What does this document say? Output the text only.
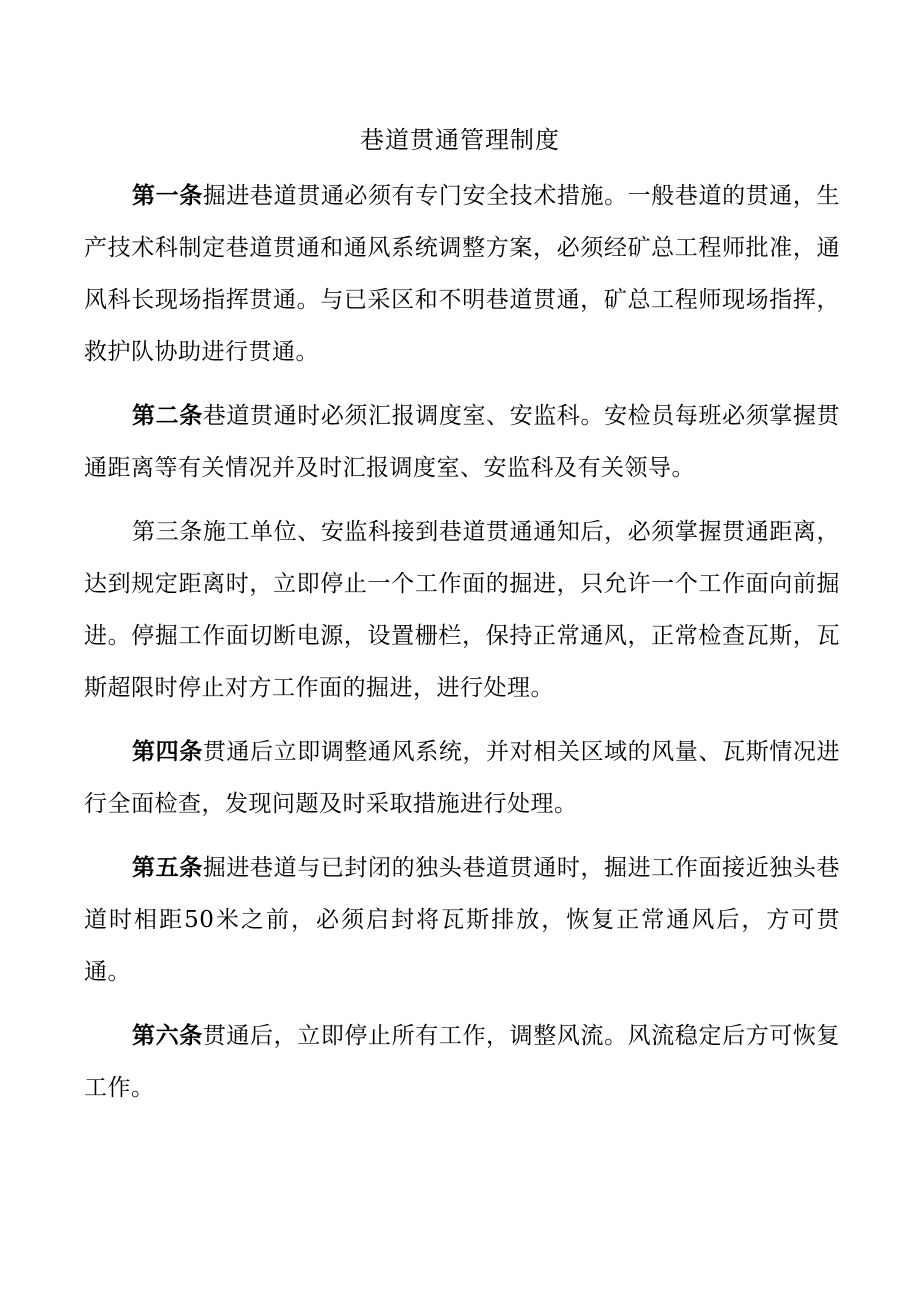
巷道贯通管理制度

第一条掘进巷道贯通必须有专门安全技术措施。一般巷道的贯通，生产技术科制定巷道贯通和通风系统调整方案，必须经矿总工程师批准，通风科长现场指挥贯通。与已采区和不明巷道贯通，矿总工程师现场指挥，救护队协助进行贯通。

第二条巷道贯通时必须汇报调度室、安监科。安检员每班必须掌握贯通距离等有关情况并及时汇报调度室、安监科及有关领导。

第三条施工单位、安监科接到巷道贯通通知后，必须掌握贯通距离，达到规定距离时，立即停止一个工作面的掘进，只允许一个工作面向前掘进。停掘工作面切断电源，设置栅栏，保持正常通风，正常检查瓦斯，瓦斯超限时停止对方工作面的掘进，进行处理。

第四条贯通后立即调整通风系统，并对相关区域的风量、瓦斯情况进行全面检查，发现问题及时采取措施进行处理。

第五条掘进巷道与已封闭的独头巷道贯通时，掘进工作面接近独头巷道时相距50米之前，必须启封将瓦斯排放，恢复正常通风后，方可贯通。

第六条贯通后，立即停止所有工作，调整风流。风流稳定后方可恢复工作。
